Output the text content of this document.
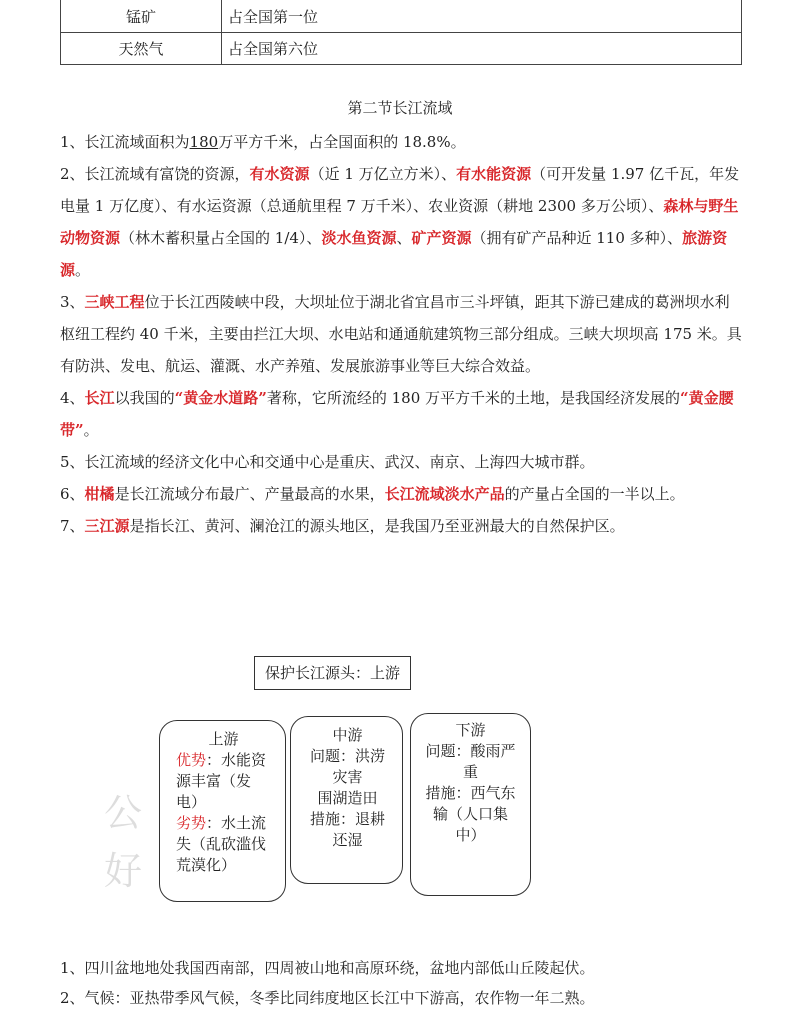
锰矿	占全国第一位
天然气	占全国第六位
第二节长江流域

1、长江流域面积为180万平方千米，占全国面积的 18.8%。

2、长江流域有富饶的资源，有水资源（近 1 万亿立方米）、有水能资源（可开发量 1.97 亿千瓦，年发电量 1 万亿度）、有水运资源（总通航里程 7 万千米）、农业资源（耕地 2300 多万公顷）、森林与野生动物资源（林木蓄积量占全国的 1/4）、淡水鱼资源、矿产资源（拥有矿产品种近 110 多种）、旅游资源。

3、三峡工程位于长江西陵峡中段，大坝址位于湖北省宜昌市三斗坪镇，距其下游已建成的葛洲坝水利枢纽工程约 40 千米，主要由拦江大坝、水电站和通通航建筑物三部分组成。三峡大坝坝高 175 米。具有防洪、发电、航运、灌溉、水产养殖、发展旅游事业等巨大综合效益。

4、长江以我国的“黄金水道路”著称，它所流经的 180 万平方千米的土地，是我国经济发展的“黄金腰带”。

5、长江流域的经济文化中心和交通中心是重庆、武汉、南京、上海四大城市群。

6、柑橘是长江流域分布最广、产量最高的水果，长江流域淡水产品的产量占全国的一半以上。

7、三江源是指长江、黄河、澜沧江的源头地区，是我国乃至亚洲最大的自然保护区。

公
好
保护长江源头：上游
上游
优势：水能资源丰富（发电）
劣势：水土流失（乱砍滥伐荒漠化）
中游
问题：洪涝灾害
围湖造田
措施：退耕还湿
下游
问题：酸雨严重
措施：西气东输（人口集中）

1、四川盆地地处我国西南部，四周被山地和高原环绕，盆地内部低山丘陵起伏。

2、气候：亚热带季风气候，冬季比同纬度地区长江中下游高，农作物一年二熟。
